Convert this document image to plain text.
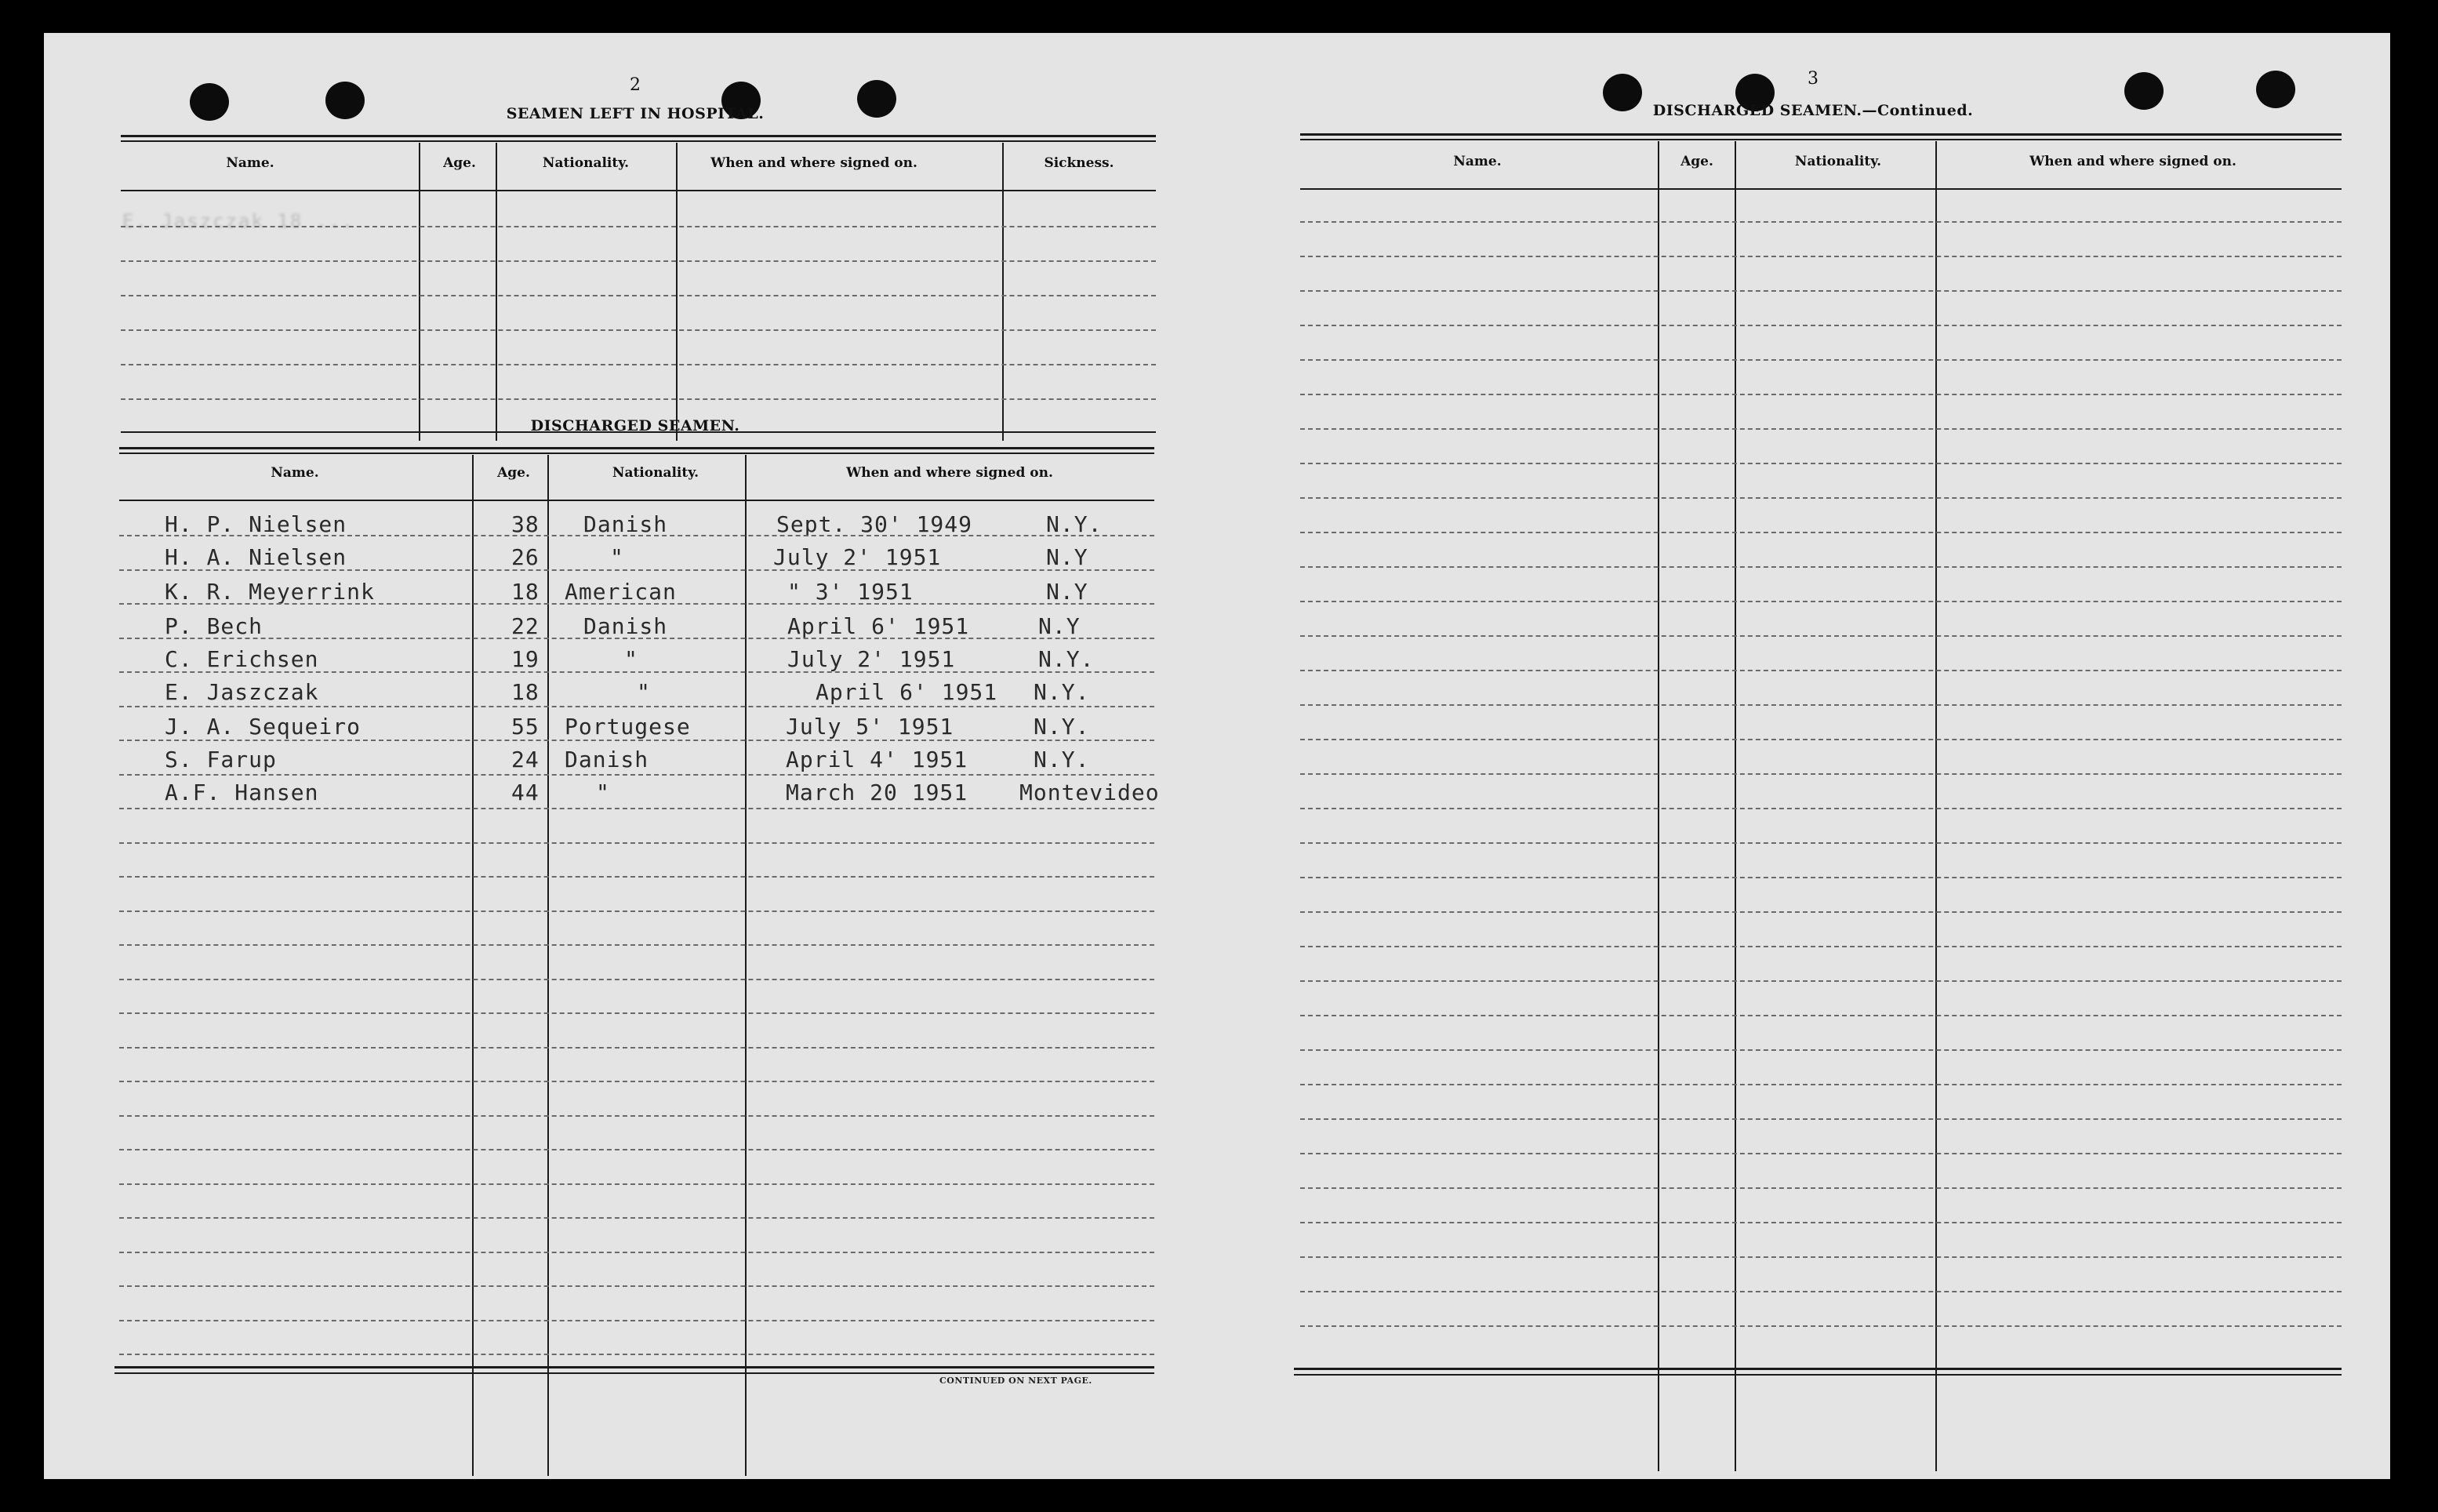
2
SEAMEN LEFT IN HOSPITAL.
Name.	Age.	Nationality.	When and where signed on.	Sickness.
E. Jaszczak 18 ...
DISCHARGED SEAMEN.
Name.	Age.	Nationality.	When and where signed on.
H. P. Nielsen	38 Danish	Sept. 30' 1949	N.Y.
H. A. Nielsen	26	"	July 2' 1951	N.Y
K. R. Meyerrink	18 American	" 3' 1951	N.Y
P. Bech	22 Danish	April 6' 1951	N.Y
C. Erichsen	19	"	July 2' 1951	N.Y.
E. Jaszczak	18	"	April 6' 1951 N.Y.
J. A. Sequeiro	55 Portugese	July 5' 1951	N.Y.
S. Farup	24 Danish	April 4' 1951	N.Y.
A.F. Hansen	44	"	March 20 1951 Montevideo
CONTINUED ON NEXT PAGE.
3
DISCHARGED SEAMEN.—Continued.
Name.	Age.	Nationality.	When and where signed on.
